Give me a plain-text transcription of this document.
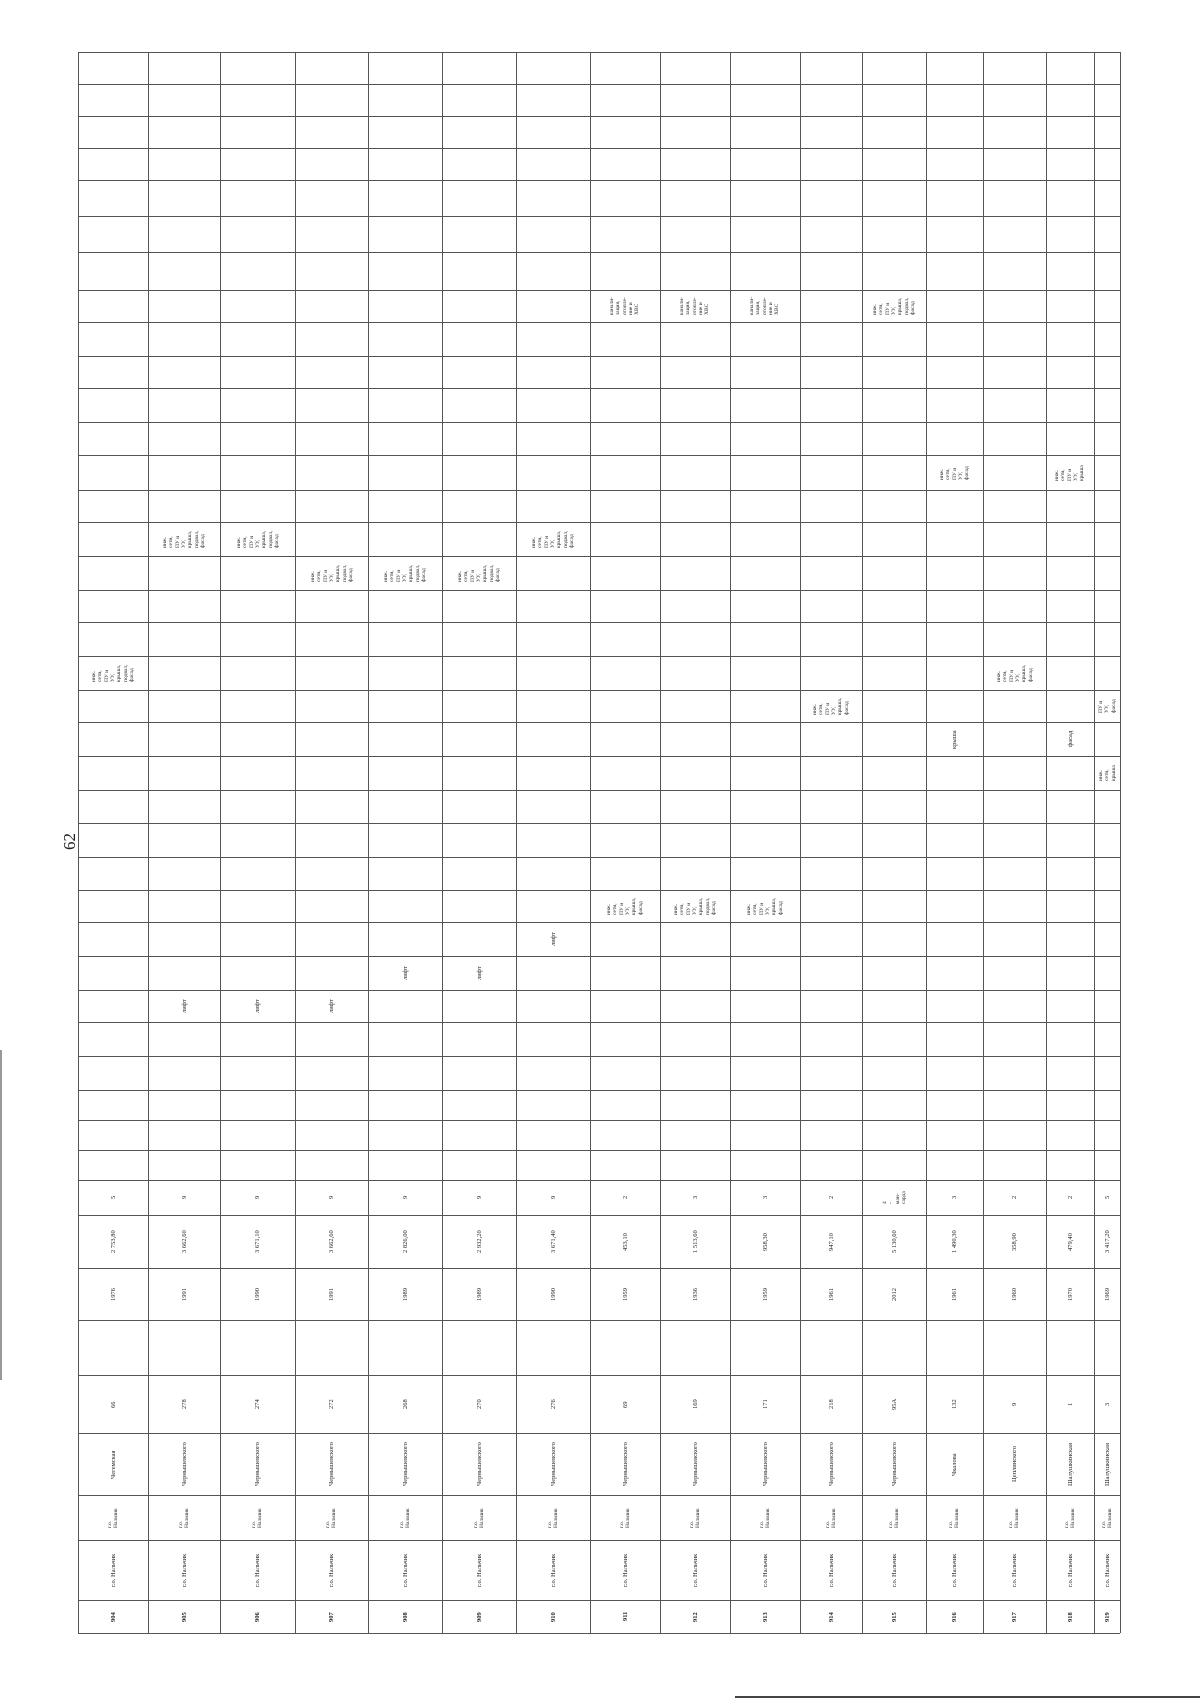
62
904
г.о. Нальчик
г.о.
Нальчик
Чегемская
66
1976
2 753,80
5
инж.
сети,
ПУ и
УУ,
крыша,
подвал,
фасад
905
г.о. Нальчик
г.о.
Нальчик
Чернышевского
278
1991
3 662,60
9
лифт
инж.
сети,
ПУ и
УУ,
крыша,
подвал,
фасад
906
г.о. Нальчик
г.о.
Нальчик
Чернышевского
274
1990
3 671,10
9
лифт
инж.
сети,
ПУ и
УУ,
крыша,
подвал,
фасад
907
г.о. Нальчик
г.о.
Нальчик
Чернышевского
272
1991
3 662,60
9
лифт
инж.
сети,
ПУ и
УУ,
крыша,
подвал,
фасад
908
г.о. Нальчик
г.о.
Нальчик
Чернышевского
268
1989
2 826,00
9
лифт
инж.
сети,
ПУ и
УУ,
крыша,
подвал,
фасад
909
г.о. Нальчик
г.о.
Нальчик
Чернышевского
270
1989
2 932,20
9
лифт
инж.
сети,
ПУ и
УУ,
крыша,
подвал,
фасад
910
г.о. Нальчик
г.о.
Нальчик
Чернышевского
276
1990
3 671,40
9
лифт
инж.
сети,
ПУ и
УУ,
крыша,
подвал,
фасад
911
г.о. Нальчик
г.о.
Нальчик
Чернышевского
69
1959
453,10
2
инж.
сети,
ПУ и
УУ,
крыша,
фасад
канали-
зация,
отопле-
ние и
ХВС
912
г.о. Нальчик
г.о.
Нальчик
Чернышевского
169
1936
1 513,60
3
инж.
сети,
ПУ и
УУ,
крыша,
подвал,
фасад
канали-
зация,
отопле-
ние и
ХВС
913
г.о. Нальчик
г.о.
Нальчик
Чернышевского
171
1959
958,30
3
инж.
сети,
ПУ и
УУ,
крыша,
фасад
канали-
зация,
отопле-
ние и
ХВС
914
г.о. Нальчик
г.о.
Нальчик
Чернышевского
218
1961
947,10
2
инж.
сети,
ПУ и
УУ,
крыша,
фасад
915
г.о. Нальчик
г.о.
Нальчик
Чернышевского
95А
2012
5 130,60
4
-
ман-
сарда
инж.
сети,
ПУ и
УУ,
крыша,
подвал,
фасад
916
г.о. Нальчик
г.о.
Нальчик
Чкалова
132
1961
1 490,30
3
крыша
инж.
сети,
ПУ и
УУ,
фасад
917
г.о. Нальчик
г.о.
Нальчик
Цеплинского
9
1960
358,90
2
инж.
сети,
ПУ и
УУ,
крыша,
фасад
918
г.о. Нальчик
г.о.
Нальчик
Шалушкинская
1
1970
479,40
2
фасад
инж.
сети,
ПУ и
УУ,
крыша
919
г.о. Нальчик
г.о.
Нальчик
Шалушкинская
3
1969
3 417,20
5
инж.
сети,
крыша
ПУ и
УУ,
фасад
